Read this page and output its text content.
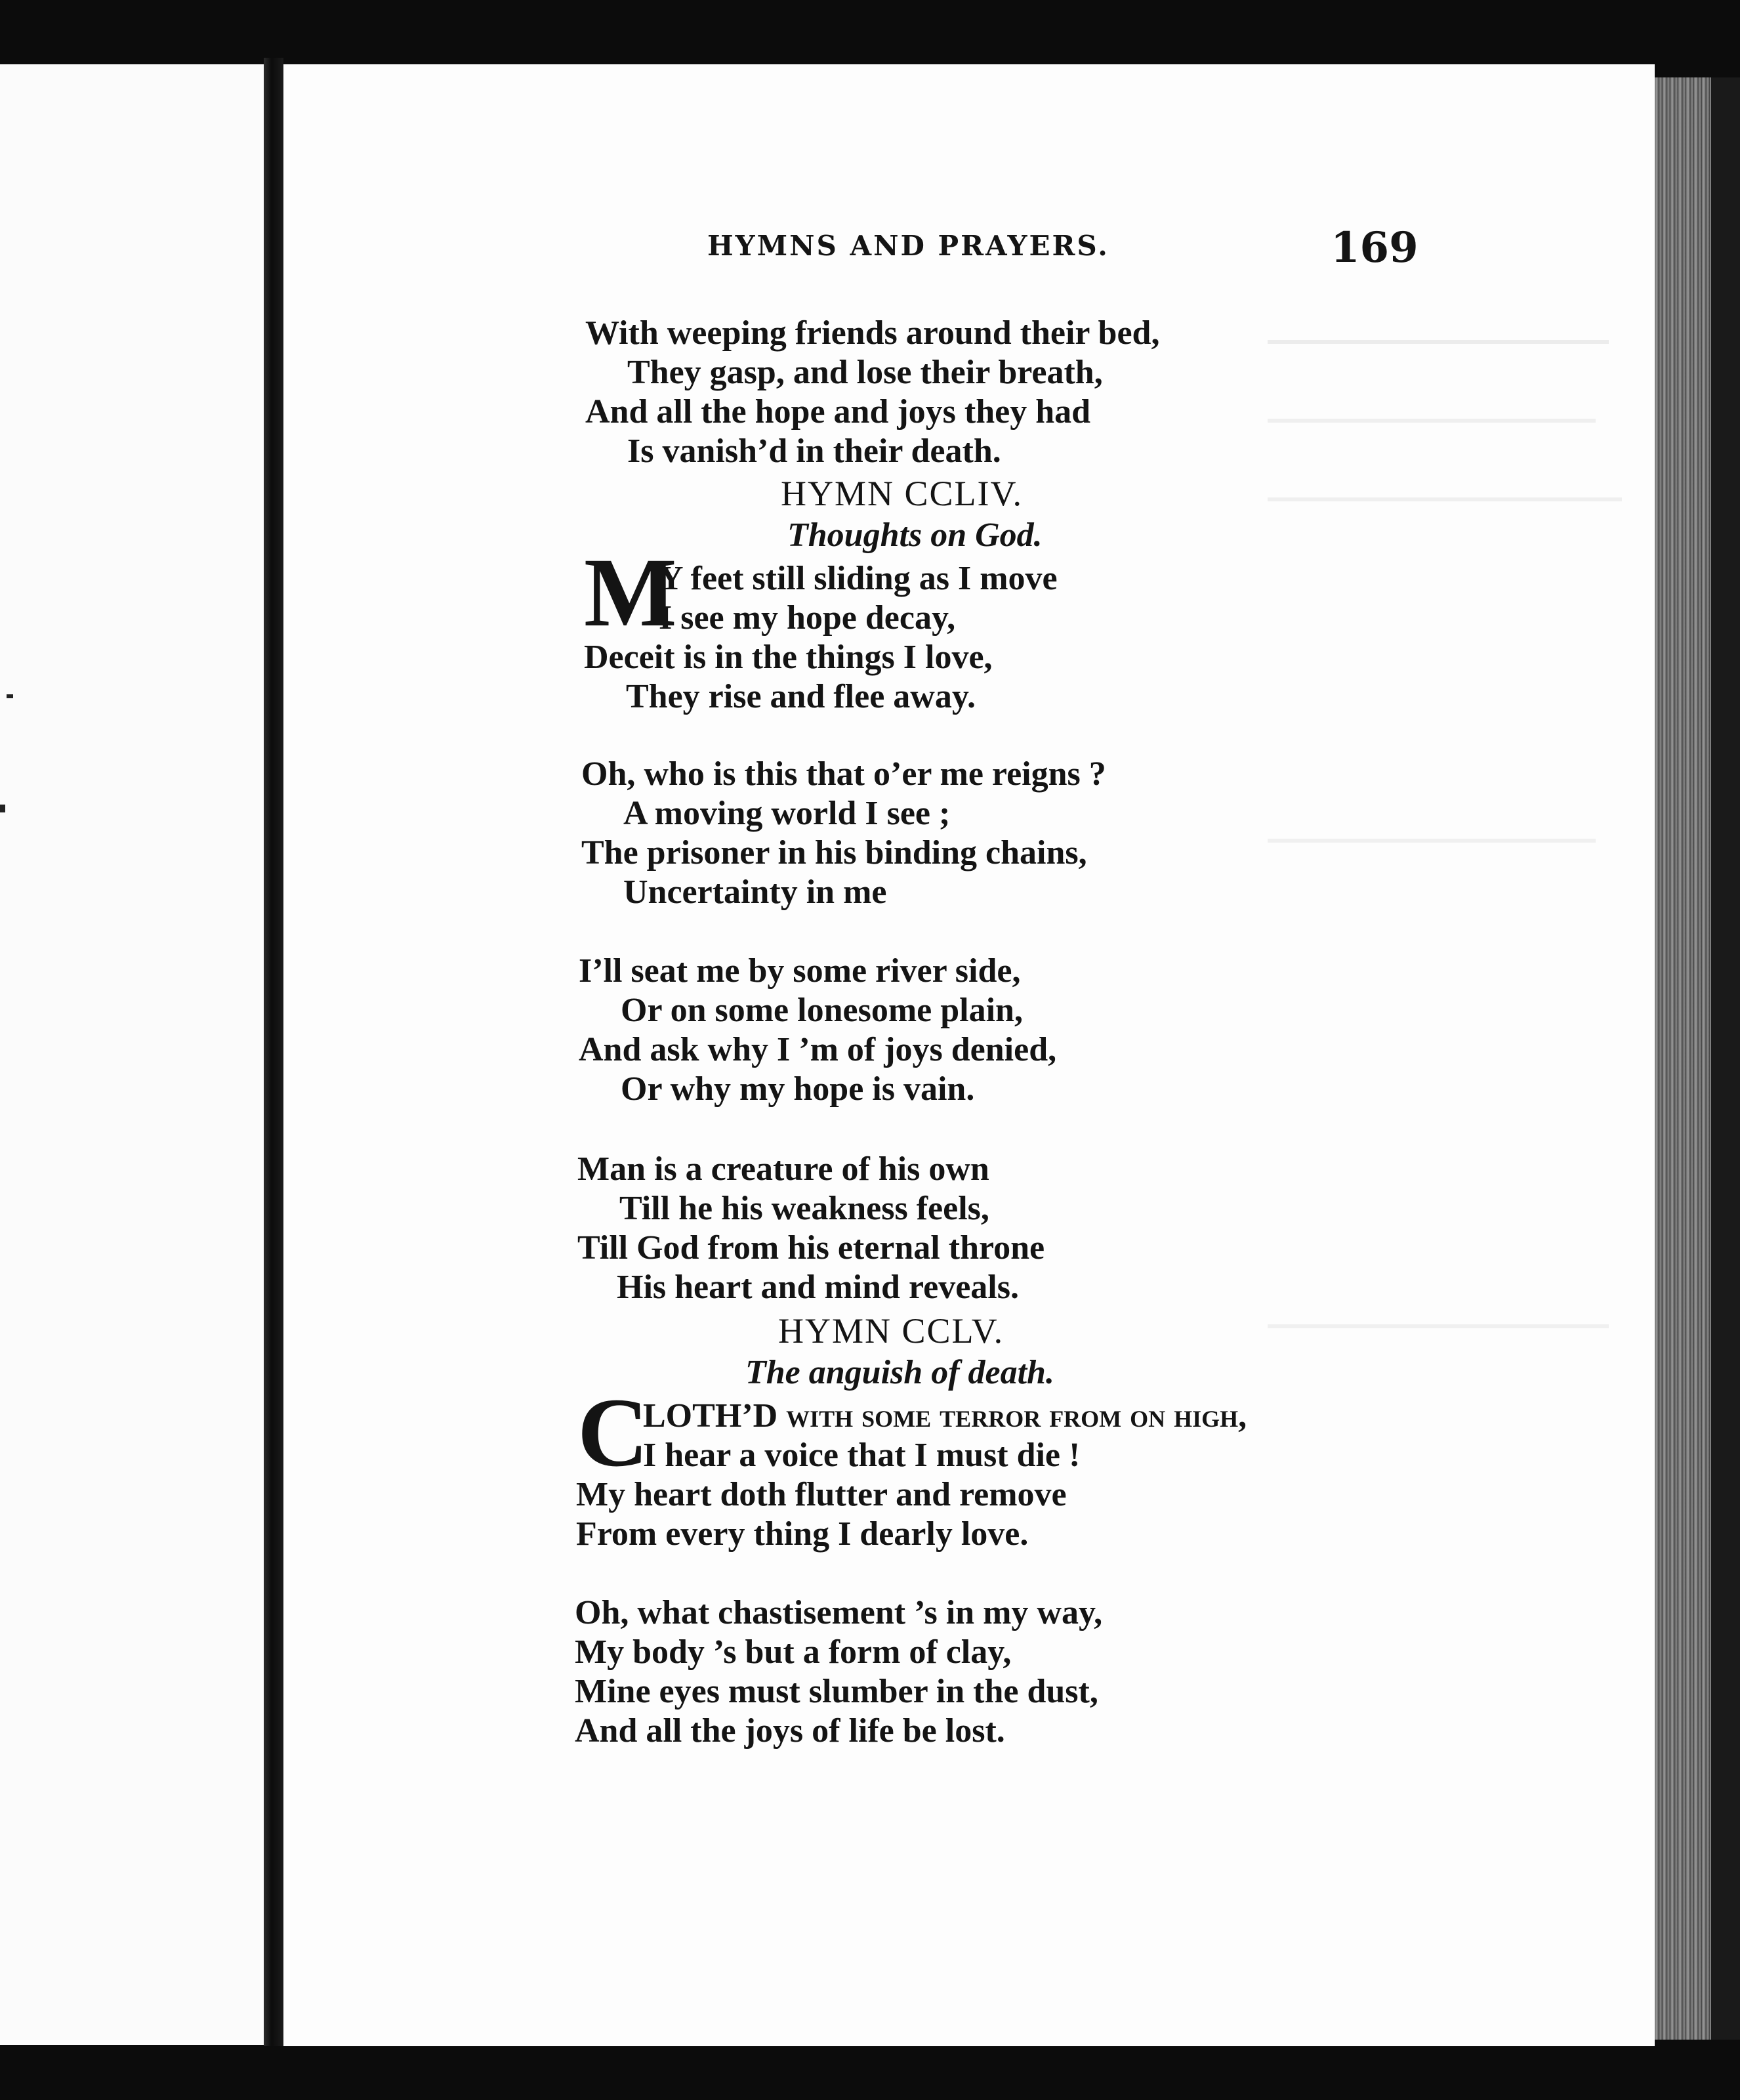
HYMNS AND PRAYERS.	169
With weeping friends around their bed,
They gasp, and lose their breath,
And all the hope and joys they had
Is vanish’d in their death.
HYMN CCLIV.
Thoughts on God.
M
Y feet still sliding as I move
I see my hope decay,
Deceit is in the things I love,
They rise and flee away.
Oh, who is this that o’er me reigns ?
A moving world I see ;
The prisoner in his binding chains,
Uncertainty in me
I’ll seat me by some river side,
Or on some lonesome plain,
And ask why I ’m of joys denied,
Or why my hope is vain.
Man is a creature of his own
Till he his weakness feels,
Till God from his eternal throne
His heart and mind reveals.
HYMN CCLV.
The anguish of death.
C
LOTH’D with some terror from on high,
I hear a voice that I must die !
My heart doth flutter and remove
From every thing I dearly love.
Oh, what chastisement ’s in my way,
My body ’s but a form of clay,
Mine eyes must slumber in the dust,
And all the joys of life be lost.
